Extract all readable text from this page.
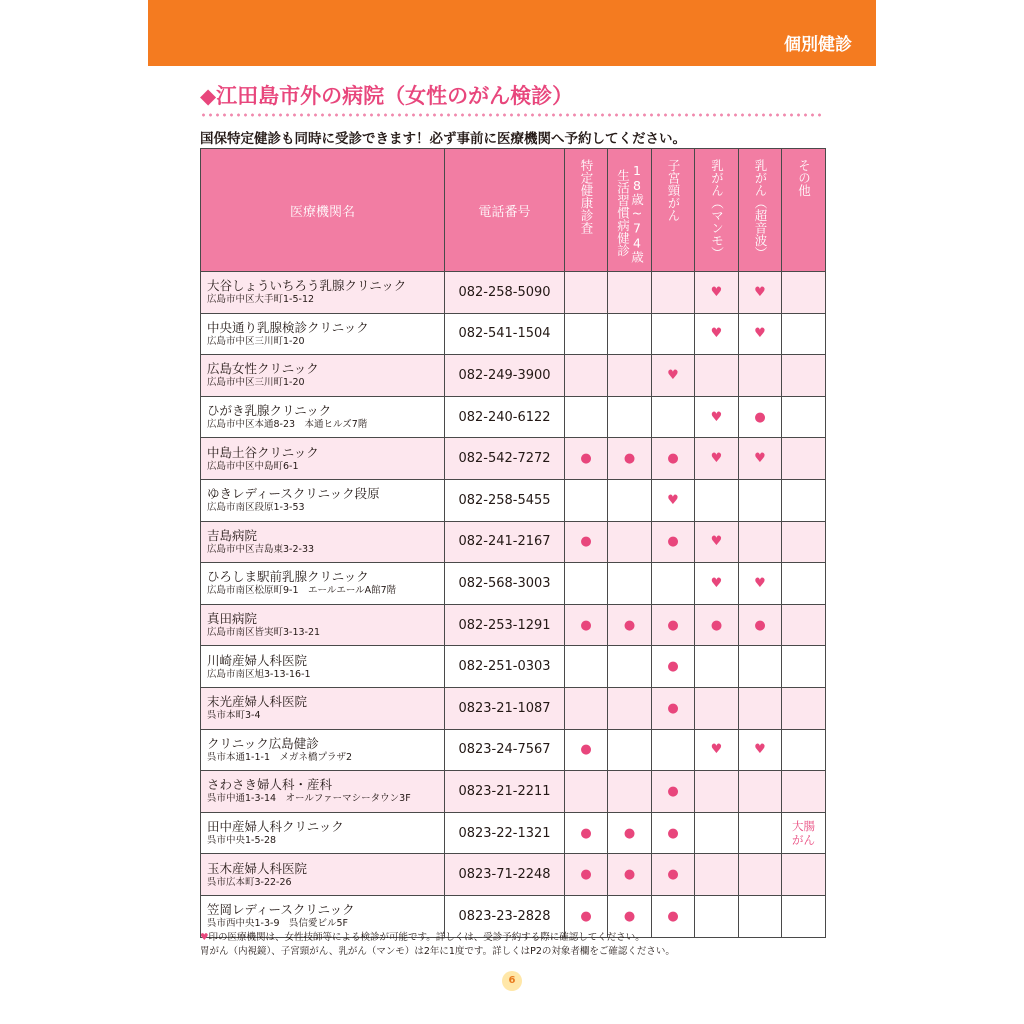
個別健診
◆江田島市外の病院（女性のがん検診）
国保特定健診も同時に受診できます！必ず事前に医療機関へ予約してください。
医療機関名	電話番号	特定健康診査	18歳~74歳 生活習慣病健診	子宮頸がん	乳がん（マンモ）	乳がん（超音波）	その他

大谷しょういちろう乳腺クリニック
広島市中区大手町1-5-12	082-258-5090				♥	♥	

中央通り乳腺検診クリニック
広島市中区三川町1-20	082-541-1504				♥	♥	

広島女性クリニック
広島市中区三川町1-20	082-249-3900			♥			

ひがき乳腺クリニック
広島市中区本通8-23　本通ヒルズ7階	082-240-6122				♥	●	

中島土谷クリニック
広島市中区中島町6-1	082-542-7272	●	●	●	♥	♥	

ゆきレディースクリニック段原
広島市南区段原1-3-53	082-258-5455			♥			

吉島病院
広島市中区吉島東3-2-33	082-241-2167	●		●	♥		

ひろしま駅前乳腺クリニック
広島市南区松原町9-1　エールエールA館7階	082-568-3003				♥	♥	

真田病院
広島市南区皆実町3-13-21	082-253-1291	●	●	●	●	●	

川崎産婦人科医院
広島市南区旭3-13-16-1	082-251-0303			●			

末光産婦人科医院
呉市本町3-4	0823-21-1087			●			

クリニック広島健診
呉市本通1-1-1　メガネ橋プラザ2	0823-24-7567	●			♥	♥	

さわさき婦人科・産科
呉市中通1-3-14　オールファーマシータウン3F	0823-21-2211			●			

田中産婦人科クリニック
呉市中央1-5-28	0823-22-1321	●	●	●			大腸
がん

玉木産婦人科医院
呉市広本町3-22-26	0823-71-2248	●	●	●			

笠岡レディースクリニック
呉市西中央1-3-9　呉信愛ビル5F	0823-23-2828	●	●	●			
♥印の医療機関は、女性技師等による検診が可能です。詳しくは、受診予約する際に確認してください。
胃がん（内視鏡）、子宮頸がん、乳がん（マンモ）は2年に1度です。詳しくはP2の対象者欄をご確認ください。
6
